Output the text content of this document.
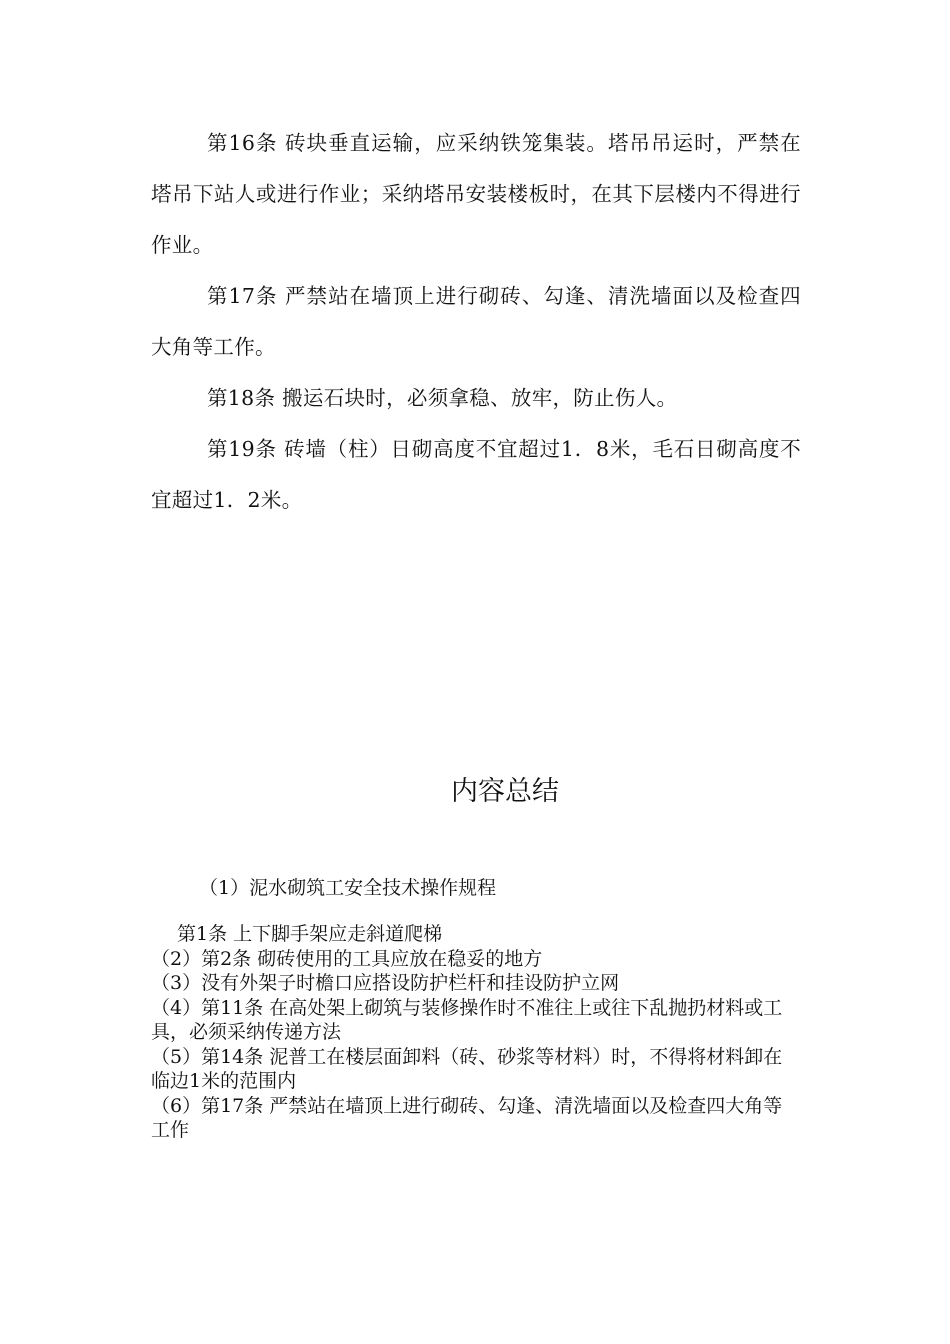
第16条 砖块垂直运输，应采纳铁笼集装。塔吊吊运时，严禁在塔吊下站人或进行作业；采纳塔吊安装楼板时，在其下层楼内不得进行作业。

第17条 严禁站在墙顶上进行砌砖、勾逢、清洗墙面以及检查四大角等工作。

第18条 搬运石块时，必须拿稳、放牢，防止伤人。

第19条 砖墙（柱）日砌高度不宜超过1．8米，毛石日砌高度不宜超过1．2米。

内容总结

（1）泥水砌筑工安全技术操作规程

第1条 上下脚手架应走斜道爬梯
（2）第2条 砌砖使用的工具应放在稳妥的地方
（3）没有外架子时檐口应搭设防护栏杆和挂设防护立网
（4）第11条 在高处架上砌筑与装修操作时不准往上或往下乱抛扔材料或工具，必须采纳传递方法
（5）第14条 泥普工在楼层面卸料（砖、砂浆等材料）时，不得将材料卸在临边1米的范围内
（6）第17条 严禁站在墙顶上进行砌砖、勾逢、清洗墙面以及检查四大角等工作
